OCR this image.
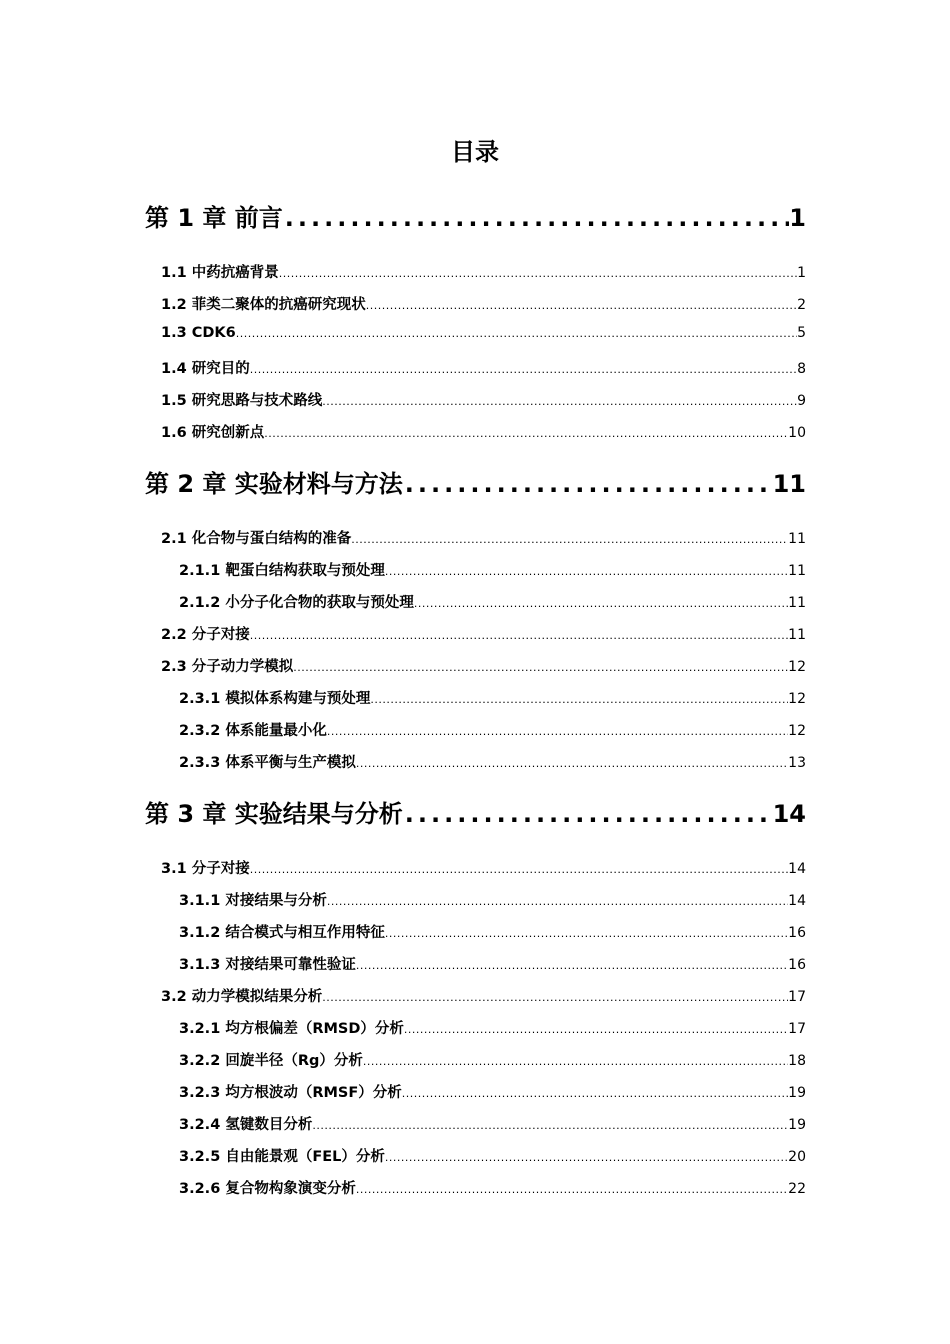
目录
第 1 章 前言 .....	1
1.1 中药抗癌背景 .....	1
1.2 菲类二聚体的抗癌研究现状 .....	2
1.3 CDK6 .....	5
1.4 研究目的 .....	8
1.5 研究思路与技术路线 .....	9
1.6 研究创新点 .....	10
第 2 章 实验材料与方法 .....	11
2.1 化合物与蛋白结构的准备 .....	11
2.1.1 靶蛋白结构获取与预处理 .....	11
2.1.2 小分子化合物的获取与预处理 .....	11
2.2 分子对接 .....	11
2.3 分子动力学模拟 .....	12
2.3.1 模拟体系构建与预处理 .....	12
2.3.2 体系能量最小化 .....	12
2.3.3 体系平衡与生产模拟 .....	13
第 3 章 实验结果与分析 .....	14
3.1 分子对接 .....	14
3.1.1 对接结果与分析 .....	14
3.1.2 结合模式与相互作用特征 .....	16
3.1.3 对接结果可靠性验证 .....	16
3.2 动力学模拟结果分析 .....	17
3.2.1 均方根偏差（RMSD）分析 .....	17
3.2.2 回旋半径（Rg）分析 .....	18
3.2.3 均方根波动（RMSF）分析 .....	19
3.2.4 氢键数目分析 .....	19
3.2.5 自由能景观（FEL）分析 .....	20
3.2.6 复合物构象演变分析 .....	22
